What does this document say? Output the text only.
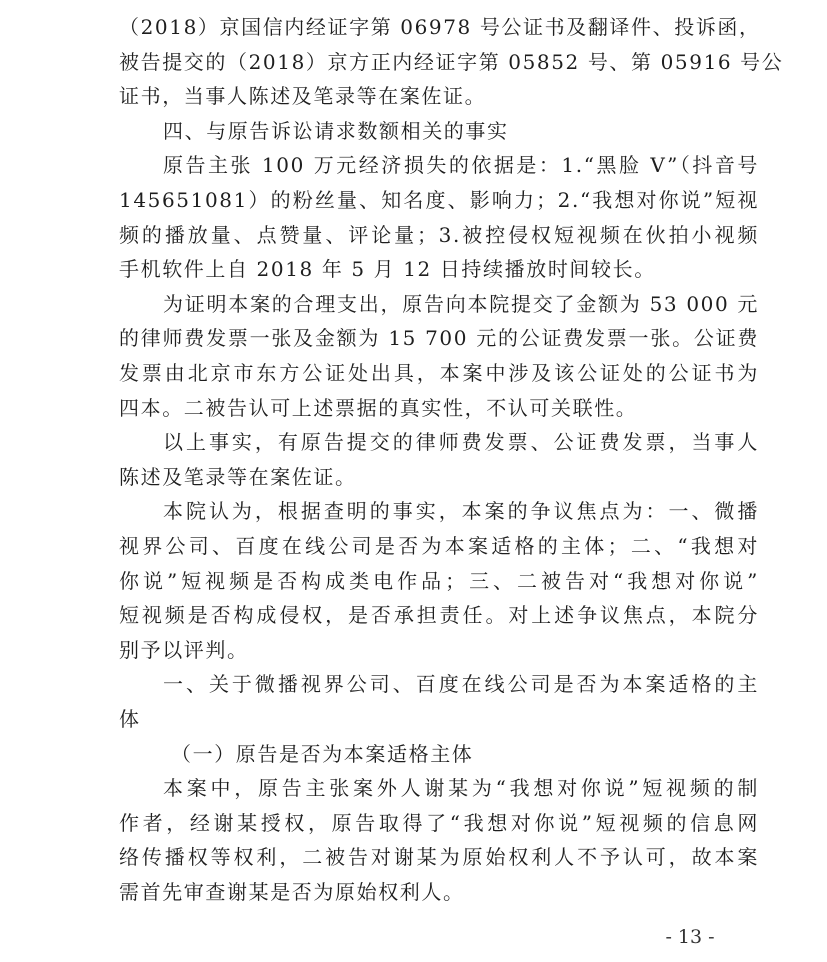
（2018）京国信内经证字第 06978 号公证书及翻译件、投诉函，
被告提交的（2018）京方正内经证字第 05852 号、第 05916 号公
证书，当事人陈述及笔录等在案佐证。
四、与原告诉讼请求数额相关的事实
原告主张 100 万元经济损失的依据是：1.“黑脸 V”（抖音号
145651081）的粉丝量、知名度、影响力；2.“我想对你说”短视
频的播放量、点赞量、评论量；3.被控侵权短视频在伙拍小视频
手机软件上自 2018 年 5 月 12 日持续播放时间较长。
为证明本案的合理支出，原告向本院提交了金额为 53 000 元
的律师费发票一张及金额为 15 700 元的公证费发票一张。公证费
发票由北京市东方公证处出具，本案中涉及该公证处的公证书为
四本。二被告认可上述票据的真实性，不认可关联性。
以上事实，有原告提交的律师费发票、公证费发票，当事人
陈述及笔录等在案佐证。
本院认为，根据查明的事实，本案的争议焦点为：一、微播
视界公司、百度在线公司是否为本案适格的主体；二、“我想对
你说”短视频是否构成类电作品；三、二被告对“我想对你说”
短视频是否构成侵权，是否承担责任。对上述争议焦点，本院分
别予以评判。
一、关于微播视界公司、百度在线公司是否为本案适格的主
体
（一）原告是否为本案适格主体
本案中，原告主张案外人谢某为“我想对你说”短视频的制
作者，经谢某授权，原告取得了“我想对你说”短视频的信息网
络传播权等权利，二被告对谢某为原始权利人不予认可，故本案
需首先审查谢某是否为原始权利人。
- 13 -
